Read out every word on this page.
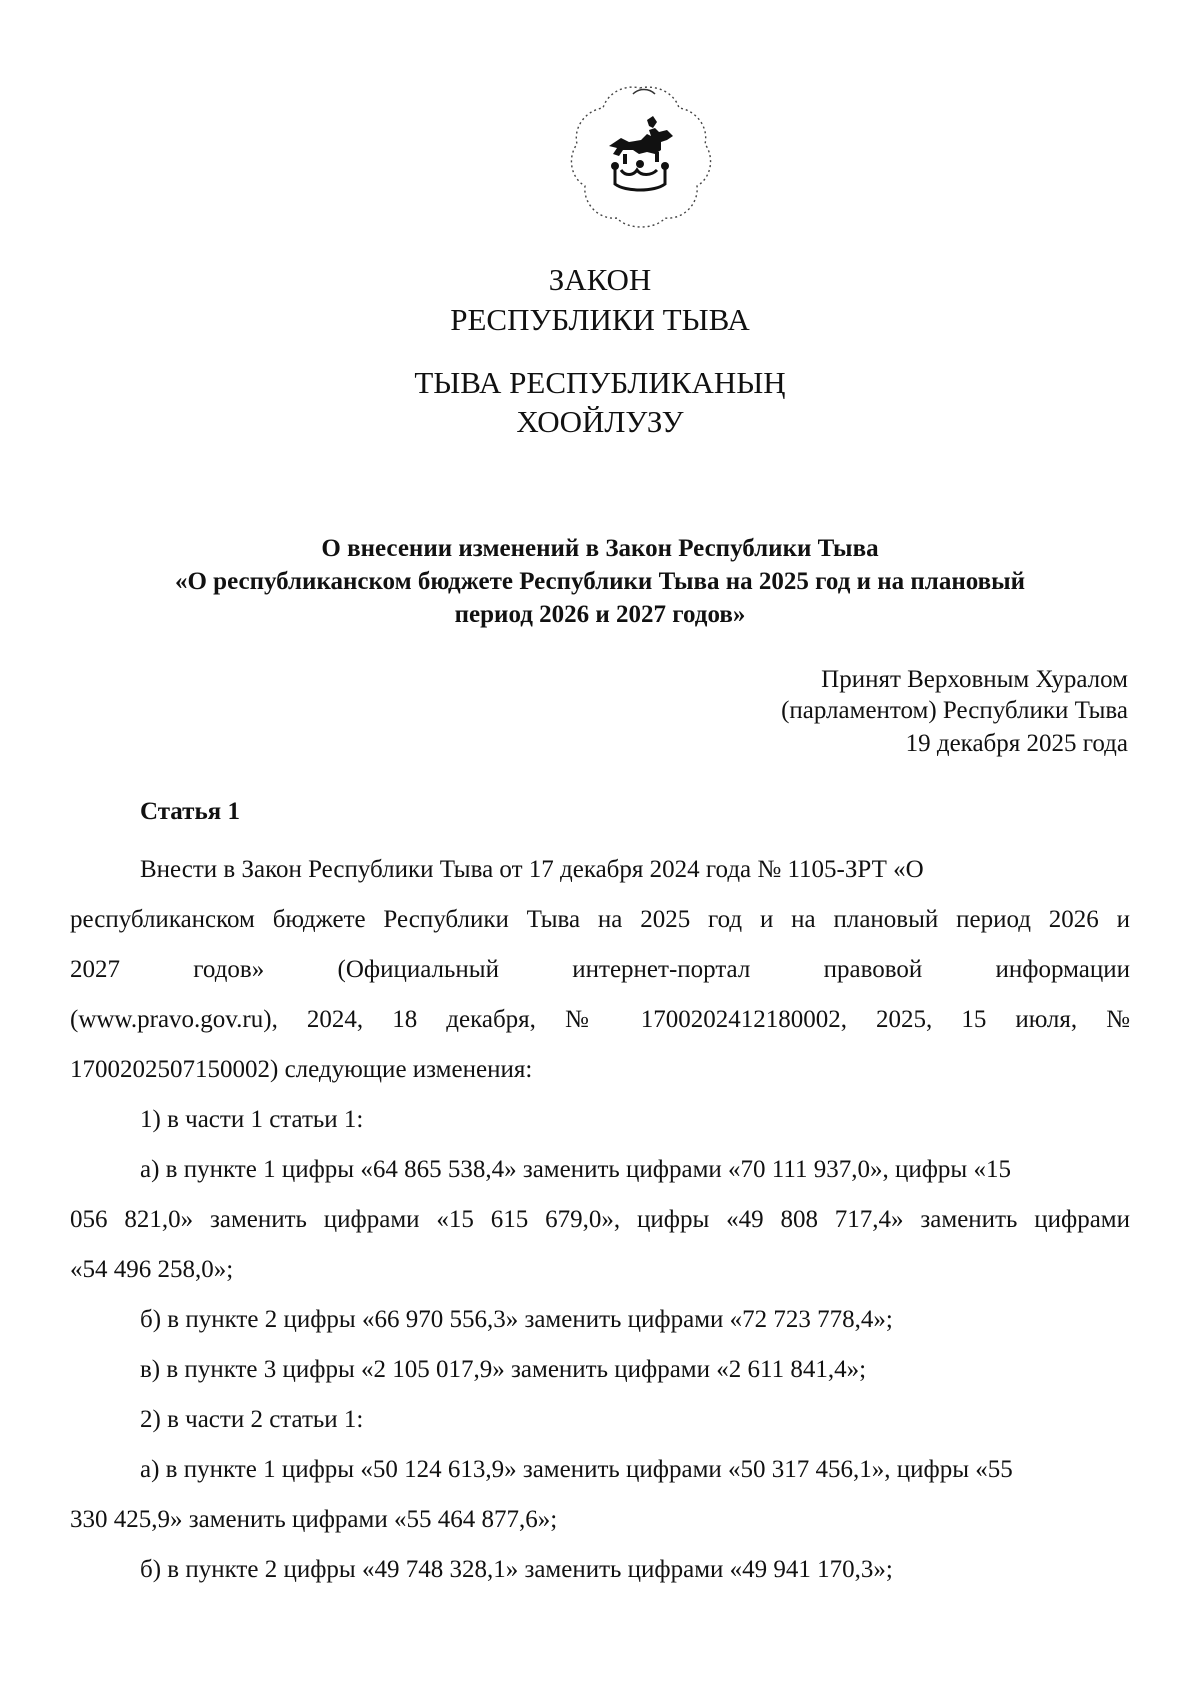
ЗАКОН
РЕСПУБЛИКИ ТЫВА
ТЫВА РЕСПУБЛИКАНЫҢ
ХООЙЛУЗУ
О внесении изменений в Закон Республики Тыва
«О республиканском бюджете Республики Тыва на 2025 год и на плановый
период 2026 и 2027 годов»
Принят Верховным Хуралом
(парламентом) Республики Тыва
19 декабря 2025 года
Статья 1
Внести в Закон Республики Тыва от 17 декабря 2024 года № 1105-ЗРТ «О
республиканском бюджете Республики Тыва на 2025 год и на плановый период 2026 и
2027 годов» (Официальный интернет-портал правовой информации
(www.pravo.gov.ru), 2024, 18 декабря, № 1700202412180002, 2025, 15 июля, №
1700202507150002) следующие изменения:
1) в части 1 статьи 1:
а) в пункте 1 цифры «64 865 538,4» заменить цифрами «70 111 937,0», цифры «15
056 821,0» заменить цифрами «15 615 679,0», цифры «49 808 717,4» заменить цифрами
«54 496 258,0»;
б) в пункте 2 цифры «66 970 556,3» заменить цифрами «72 723 778,4»;
в) в пункте 3 цифры «2 105 017,9» заменить цифрами «2 611 841,4»;
2) в части 2 статьи 1:
а) в пункте 1 цифры «50 124 613,9» заменить цифрами «50 317 456,1», цифры «55
330 425,9» заменить цифрами «55 464 877,6»;
б) в пункте 2 цифры «49 748 328,1» заменить цифрами «49 941 170,3»;
